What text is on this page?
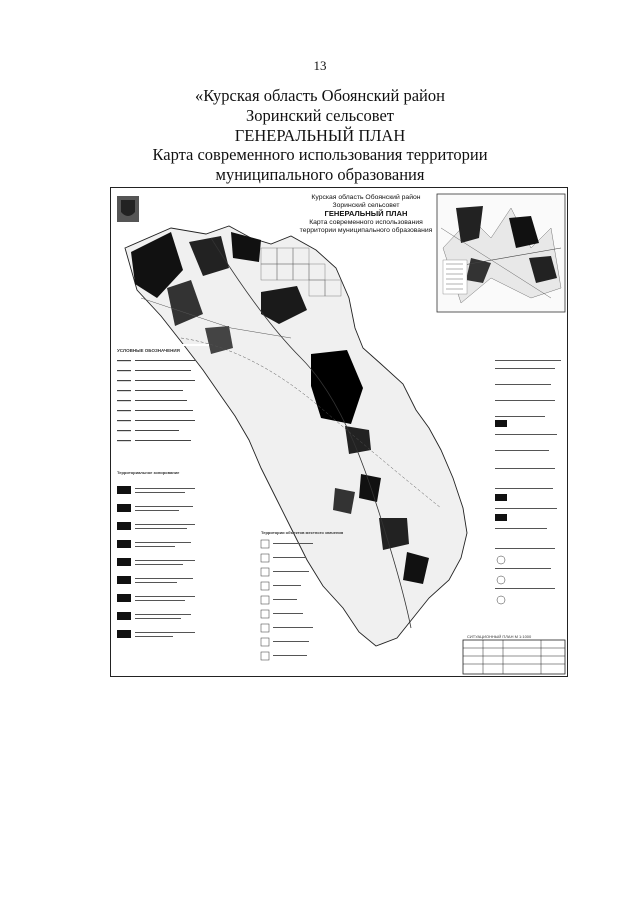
13
«Курская область Обоянский район
Зоринский сельсовет
ГЕНЕРАЛЬНЫЙ ПЛАН
Карта современного использования территории
муниципального образования
Курская область Обоянский район
Зоринский сельсовет
ГЕНЕРАЛЬНЫЙ ПЛАН
Карта современного использования
территории муниципального образования
УСЛОВНЫЕ ОБОЗНАЧЕНИЯ
Территориальное зонирование
Территории объектов местного значения
СИТУАЦИОННЫЙ ПЛАН М 1:1000
